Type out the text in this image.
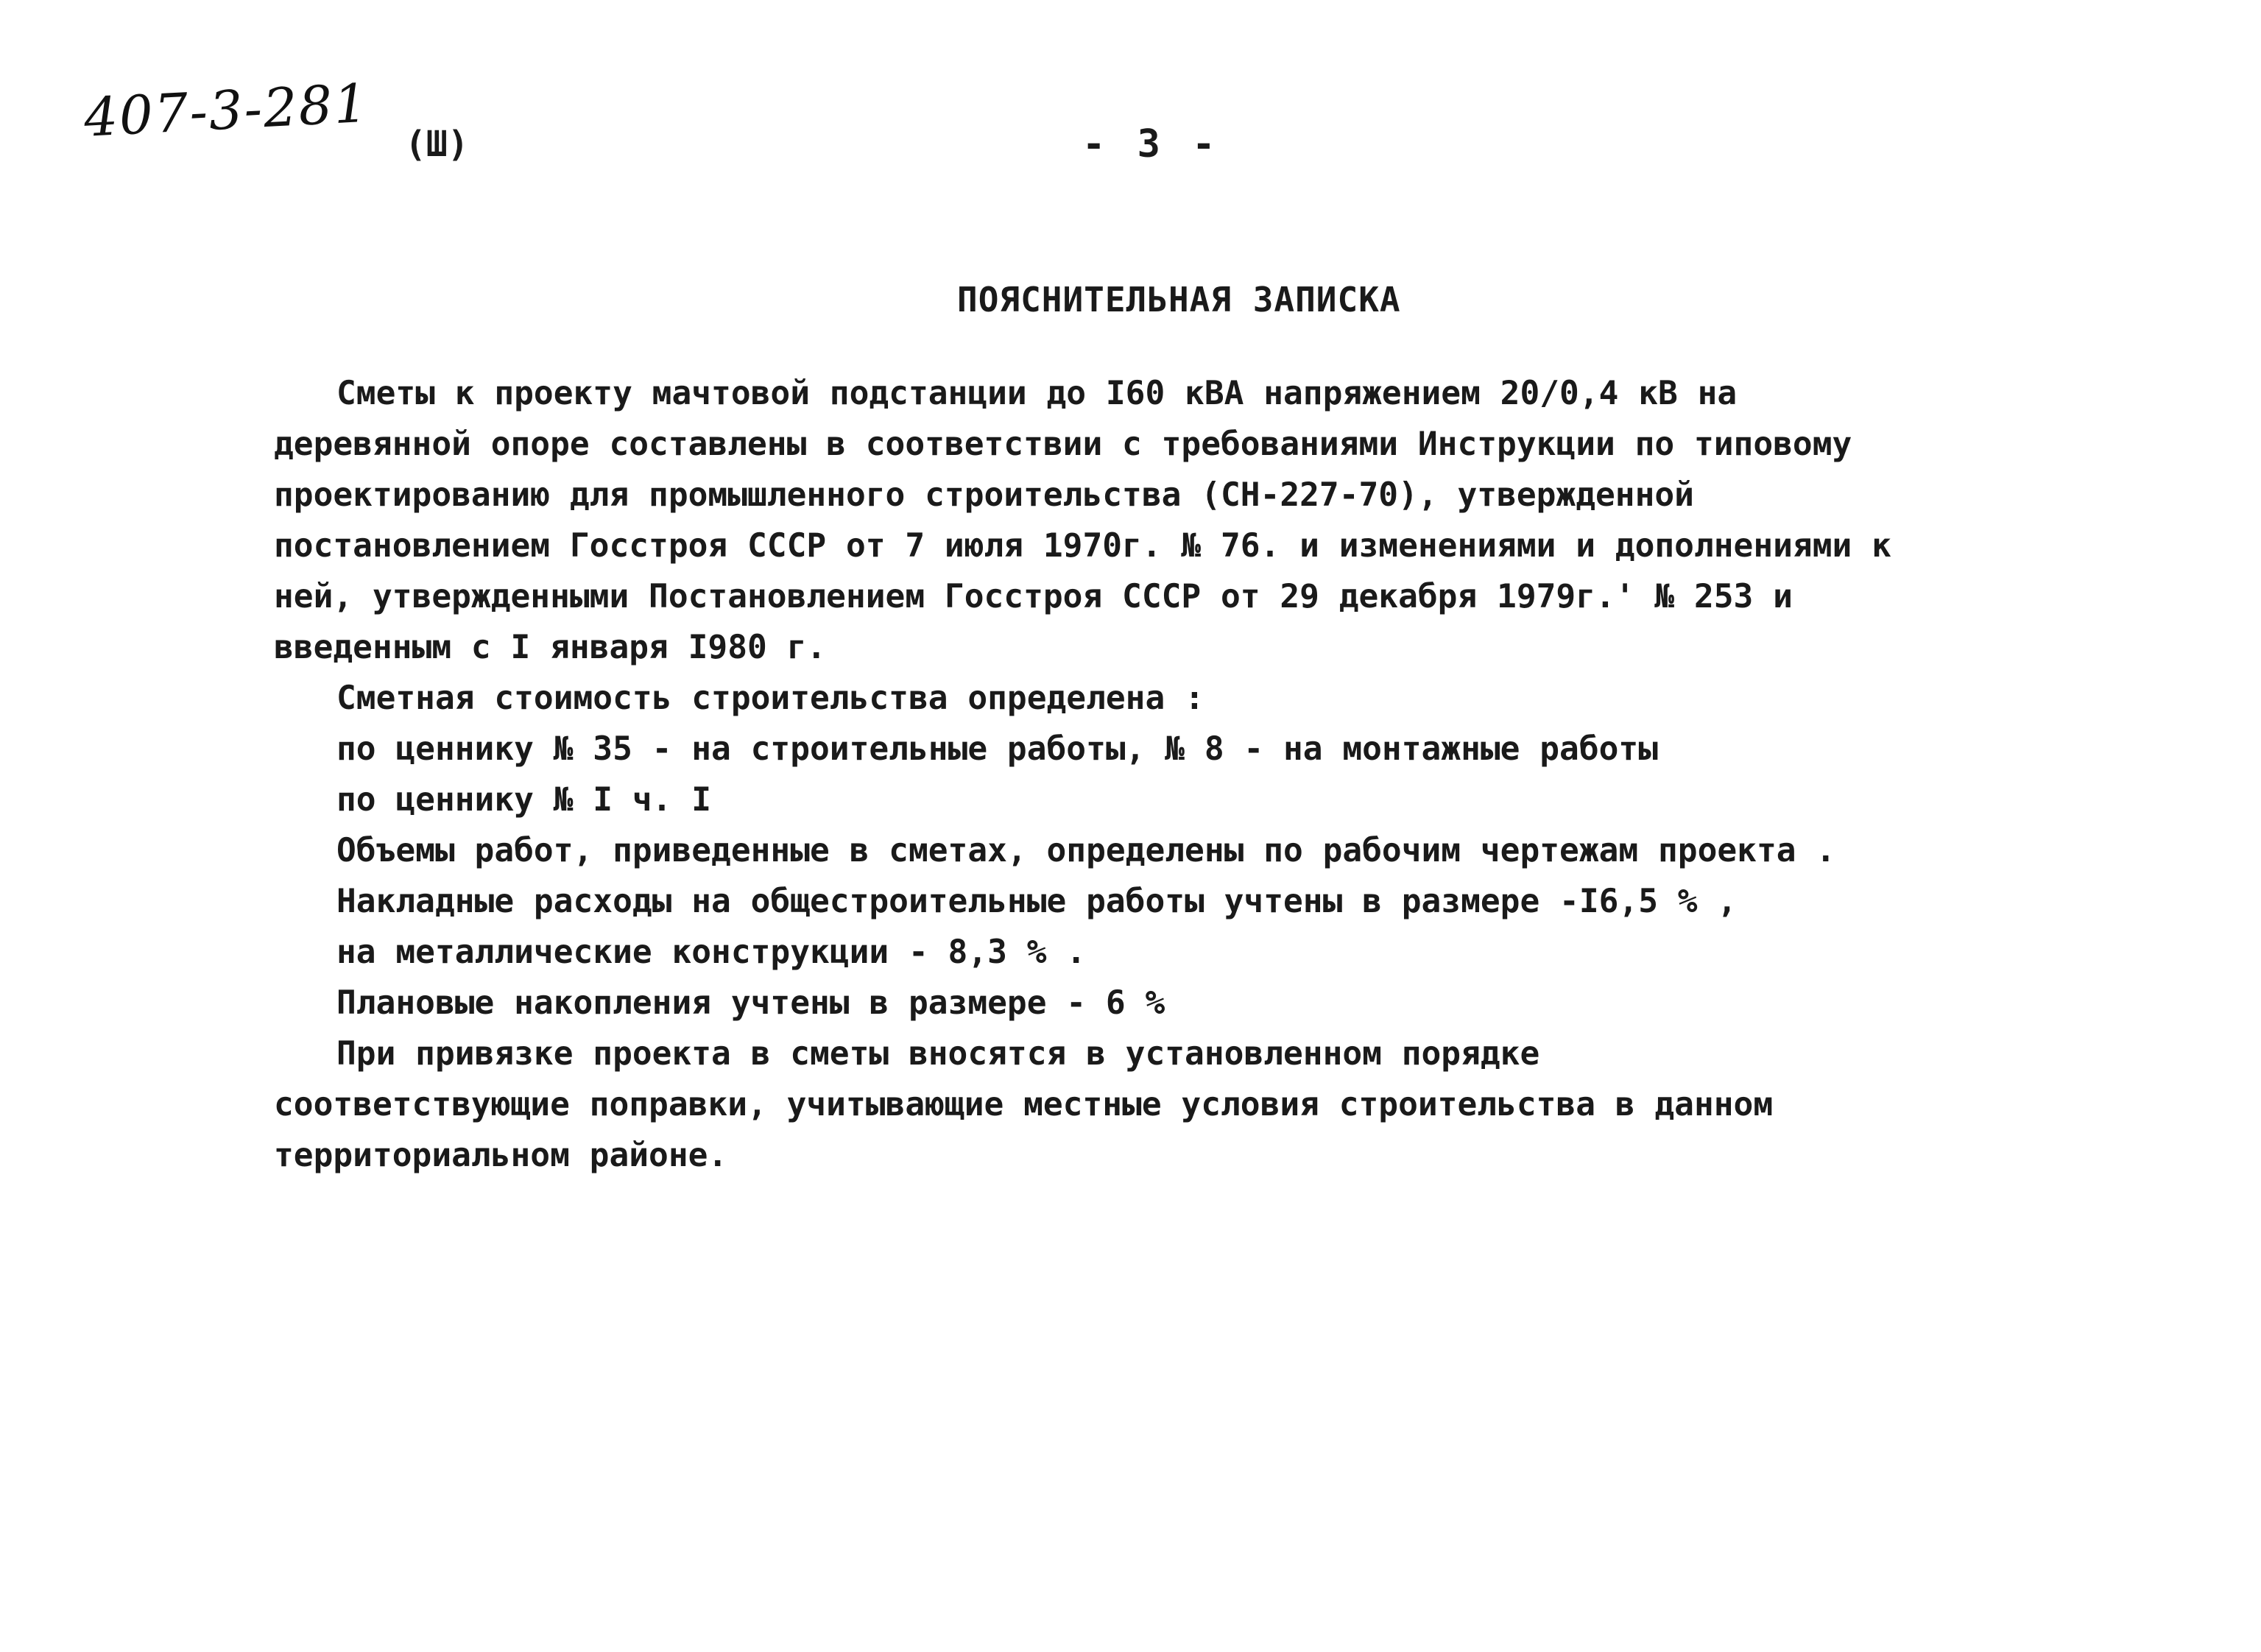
407-3-281 (Ш)	- 3 -
ПОЯСНИТЕЛЬНАЯ ЗАПИСКА
Сметы к проекту мачтовой подстанции до I60 кВА напряжением 20/0,4 кВ на
деревянной опоре составлены в соответствии с требованиями Инструкции по типовому
проектированию для промышленного строительства (СН-227-70), утвержденной
постановлением Госстроя СССР от 7 июля 1970г. № 76. и изменениями и дополнениями к
ней, утвержденными Постановлением Госстроя СССР от 29 декабря 1979г.' № 253 и
введенным с I января I980 г.
Сметная стоимость строительства определена :
по ценнику № 35 - на строительные работы, № 8 - на монтажные работы
по ценнику № I ч. I
Объемы работ, приведенные в сметах, определены по рабочим чертежам проекта .
Накладные расходы на общестроительные работы учтены в размере -I6,5 % ,
на металлические конструкции - 8,3 % .
Плановые накопления учтены в размере - 6 %
При привязке проекта в сметы вносятся в установленном порядке
соответствующие поправки, учитывающие местные условия строительства в данном
территориальном районе.
